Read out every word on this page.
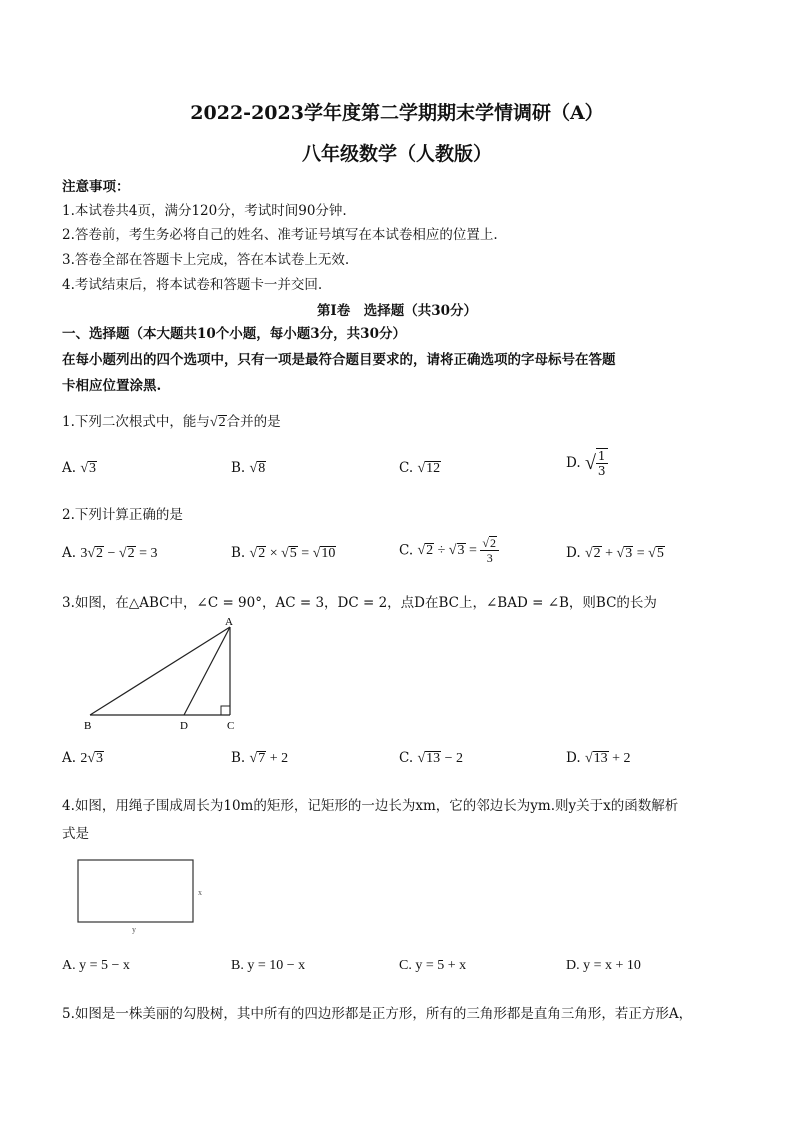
2022-2023学年度第二学期期末学情调研（A）
八年级数学（人教版）
注意事项：
1.本试卷共4页，满分120分，考试时间90分钟.
2.答卷前，考生务必将自己的姓名、准考证号填写在本试卷相应的位置上.
3.答卷全部在答题卡上完成，答在本试卷上无效.
4.考试结束后，将本试卷和答题卡一并交回.
第Ⅰ卷　选择题（共30分）
一、选择题（本大题共10个小题，每小题3分，共30分）
在每小题列出的四个选项中，只有一项是最符合题目要求的，请将正确选项的字母标号在答题
卡相应位置涂黑.
1.下列二次根式中，能与√2合并的是
A. √3	B. √8	C. √12	D. √ $\frac{1}{3}$
2.下列计算正确的是
A. 3√2 − √2 = 3	B. √2 × √5 = √10	C. $√2 \div √3 = \frac{√2}{3}$	D. √2 + √3 = √5
3.如图，在△ABC中，∠C = 90°，AC = 3，DC = 2，点D在BC上，∠BAD = ∠B，则BC的长为
A
B	C
D
A. 2√3	B. √7 + 2	C. √13 − 2	D. √13 + 2
4.如图，用绳子围成周长为10m的矩形，记矩形的一边长为xm，它的邻边长为ym.则y关于x的函数解析
式是
x
y
A. y = 5 − x	B. y = 10 − x	C. y = 5 + x	D. y = x + 10
5.如图是一株美丽的勾股树，其中所有的四边形都是正方形，所有的三角形都是直角三角形，若正方形A，
